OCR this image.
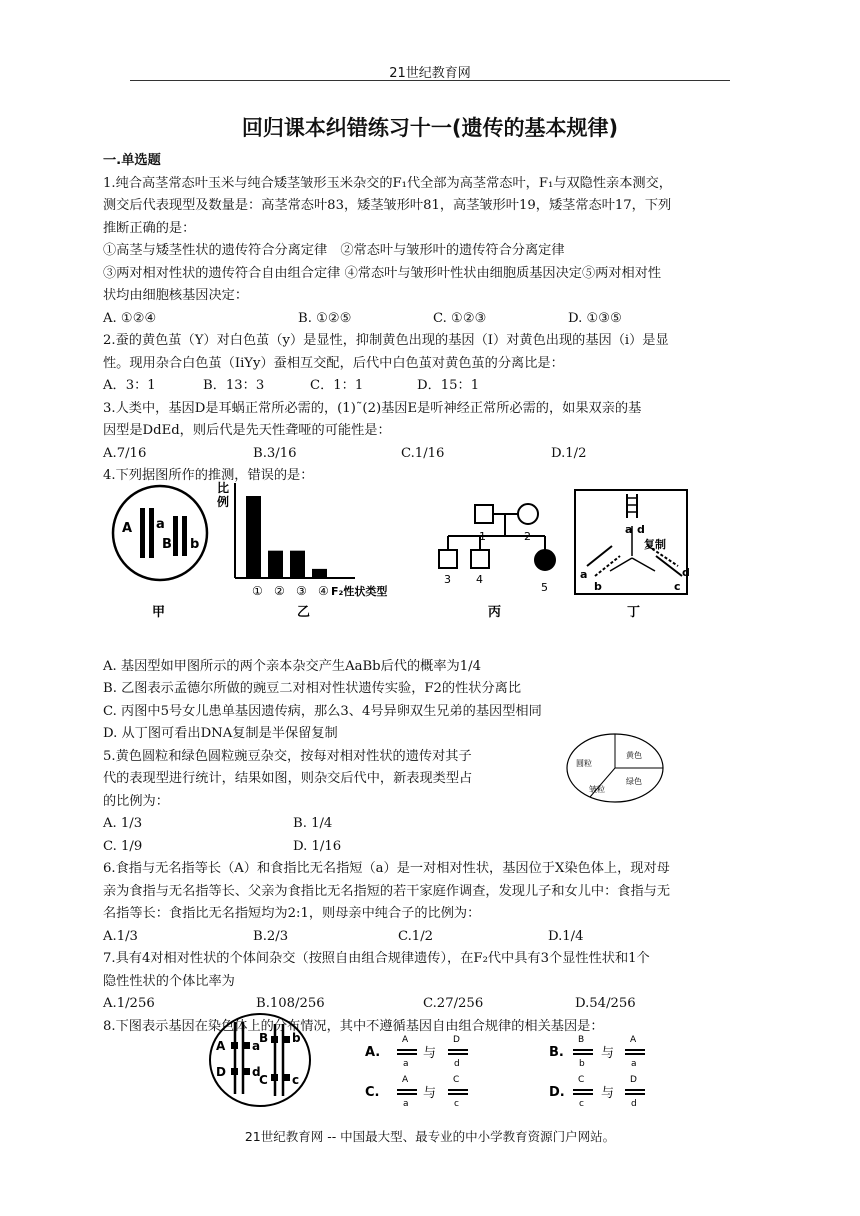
21世纪教育网
回归课本纠错练习十一(遗传的基本规律)

一.单选题

1.纯合高茎常态叶玉米与纯合矮茎皱形玉米杂交的F₁代全部为高茎常态叶，F₁与双隐性亲本测交，

测交后代表现型及数量是：高茎常态叶83，矮茎皱形叶81，高茎皱形叶19，矮茎常态叶17，下列

推断正确的是：

①高茎与矮茎性状的遗传符合分离定律　②常态叶与皱形叶的遗传符合分离定律

③两对相对性状的遗传符合自由组合定律 ④常态叶与皱形叶性状由细胞质基因决定⑤两对相对性

状均由细胞核基因决定：

A. ①②④	B. ①②⑤	C. ①②③	D. ①③⑤

2.蚕的黄色茧（Y）对白色茧（y）是显性，抑制黄色出现的基因（I）对黄色出现的基因（i）是显

性。现用杂合白色茧（IiYy）蚕相互交配，后代中白色茧对黄色茧的分离比是：

A．3：1	B．13：3	C．1：1	D．15：1

3.人类中，基因D是耳蜗正常所必需的，(1)˜(2)基因E是听神经正常所必需的，如果双亲的基

因型是DdEd，则后代是先天性聋哑的可能性是：

A.7/16	B.3/16	C.1/16	D.1/2

4.下列据图所作的推测，错误的是：

A. 基因型如甲图所示的两个亲本杂交产生AaBb后代的概率为1/4

B. 乙图表示孟德尔所做的豌豆二对相对性状遗传实验，F2的性状分离比

C. 丙图中5号女儿患单基因遗传病，那么3、4号异卵双生兄弟的基因型相同

D. 从丁图可看出DNA复制是半保留复制

5.黄色圆粒和绿色圆粒豌豆杂交，按每对相对性状的遗传对其子

代的表现型进行统计，结果如图，则杂交后代中，新表现类型占

的比例为：

A. 1/3	B. 1/4
C. 1/9	D. 1/16

6.食指与无名指等长（A）和食指比无名指短（a）是一对相对性状，基因位于X染色体上，现对母

亲为食指与无名指等长、父亲为食指比无名指短的若干家庭作调查，发现儿子和女儿中：食指与无

名指等长：食指比无名指短均为2:1，则母亲中纯合子的比例为：

A.1/3	B.2/3	C.1/2	D.1/4

7.具有4对相对性状的个体间杂交（按照自由组合规律遗传），在F₂代中具有3个显性性状和1个

隐性性状的个体比率为

A.1/256	B.108/256	C.27/256	D.54/256

8.下图表示基因在染色体上的分布情况，其中不遵循基因自由组合规律的相关基因是：

A a
B b
甲
比
例
① ② ③ ④ F₂性状类型
乙
1	2
3 4
5
丙
a d
复制
a
b	c
d
丁
圆粒
黄色
绿色
皱粒
A a
D d
B b
C c
A.
A
a
与
D
d
B.
B
b
与
A
a
C.
A
a
与
C
c
D.
C
c
与
D
d
21世纪教育网 -- 中国最大型、最专业的中小学教育资源门户网站。
